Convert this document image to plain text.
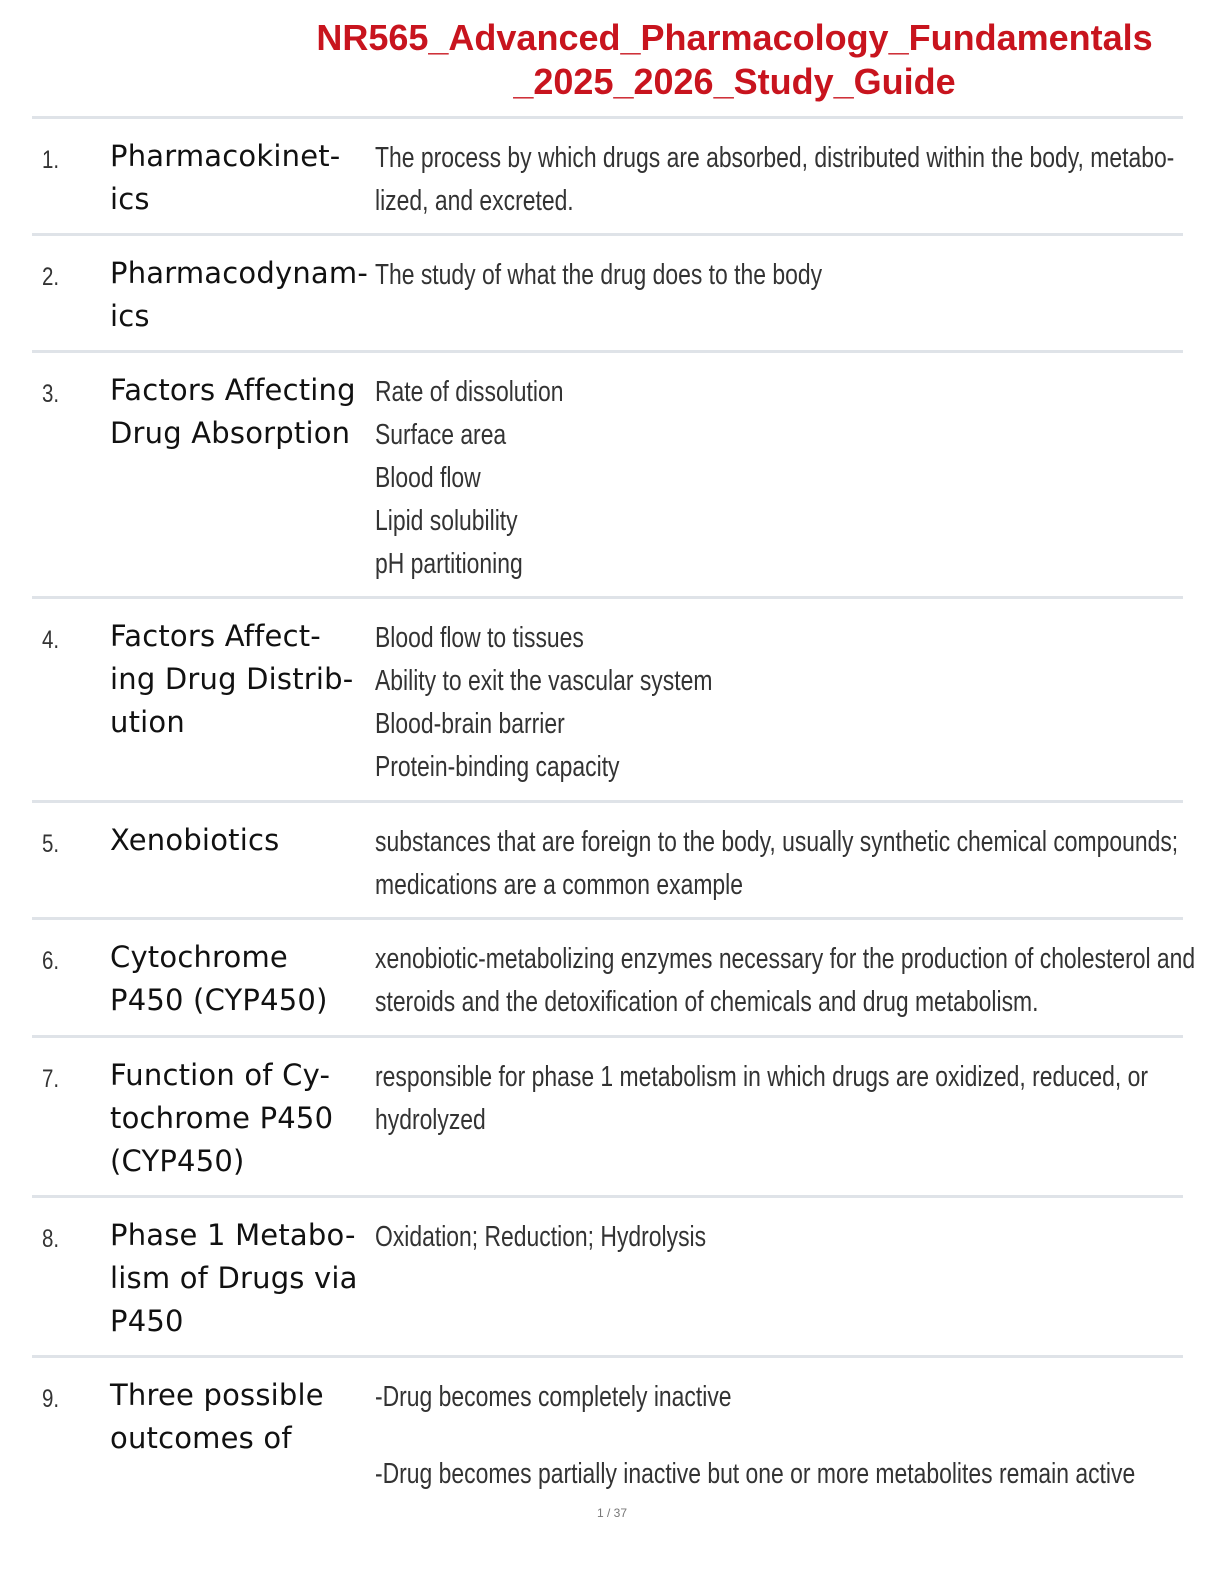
NR565_Advanced_Pharmacology_Fundamentals
_2025_2026_Study_Guide
1. Pharmacokinet-
ics
The process by which drugs are absorbed, distributed within the body, metabo-
lized, and excreted.
2. Pharmacodynam-
ics
The study of what the drug does to the body
3. Factors Affecting
Drug Absorption
Rate of dissolution
Surface area
Blood flow
Lipid solubility
pH partitioning
4. Factors Affect-
ing Drug Distrib-
ution
Blood flow to tissues
Ability to exit the vascular system
Blood-brain barrier
Protein-binding capacity
5. Xenobiotics	substances that are foreign to the body, usually synthetic chemical compounds;
medications are a common example
6. Cytochrome
P450 (CYP450)
xenobiotic-metabolizing enzymes necessary for the production of cholesterol and
steroids and the detoxification of chemicals and drug metabolism.
7. Function of Cy-
tochrome P450
(CYP450)
responsible for phase 1 metabolism in which drugs are oxidized, reduced, or
hydrolyzed
8. Phase 1 Metabo-
lism of Drugs via
P450
Oxidation; Reduction; Hydrolysis
9. Three possible
outcomes of
-Drug becomes completely inactive
-Drug becomes partially inactive but one or more metabolites remain active
1 / 37
